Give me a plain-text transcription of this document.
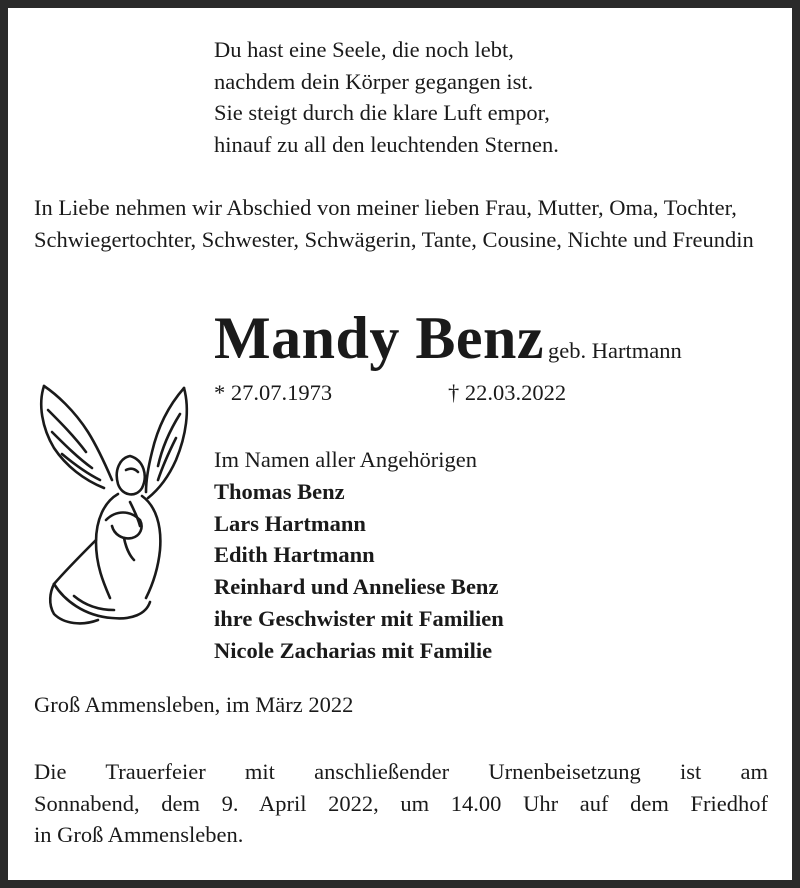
Du hast eine Seele, die noch lebt,
nachdem dein Körper gegangen ist.
Sie steigt durch die klare Luft empor,
hinauf zu all den leuchtenden Sternen.
In Liebe nehmen wir Abschied von meiner lieben Frau, Mutter, Oma, Tochter, Schwiegertochter, Schwester, Schwägerin, Tante, Cousine, Nichte und Freundin
Mandy Benz geb. Hartmann
* 27.07.1973	† 22.03.2022
Im Namen aller Angehörigen
Thomas Benz
Lars Hartmann
Edith Hartmann
Reinhard und Anneliese Benz
ihre Geschwister mit Familien
Nicole Zacharias mit Familie
Groß Ammensleben, im März 2022
Die Trauerfeier mit anschließender Urnenbeisetzung ist am
Sonnabend, dem 9. April 2022, um 14.00 Uhr auf dem Friedhof
in Groß Ammensleben.
